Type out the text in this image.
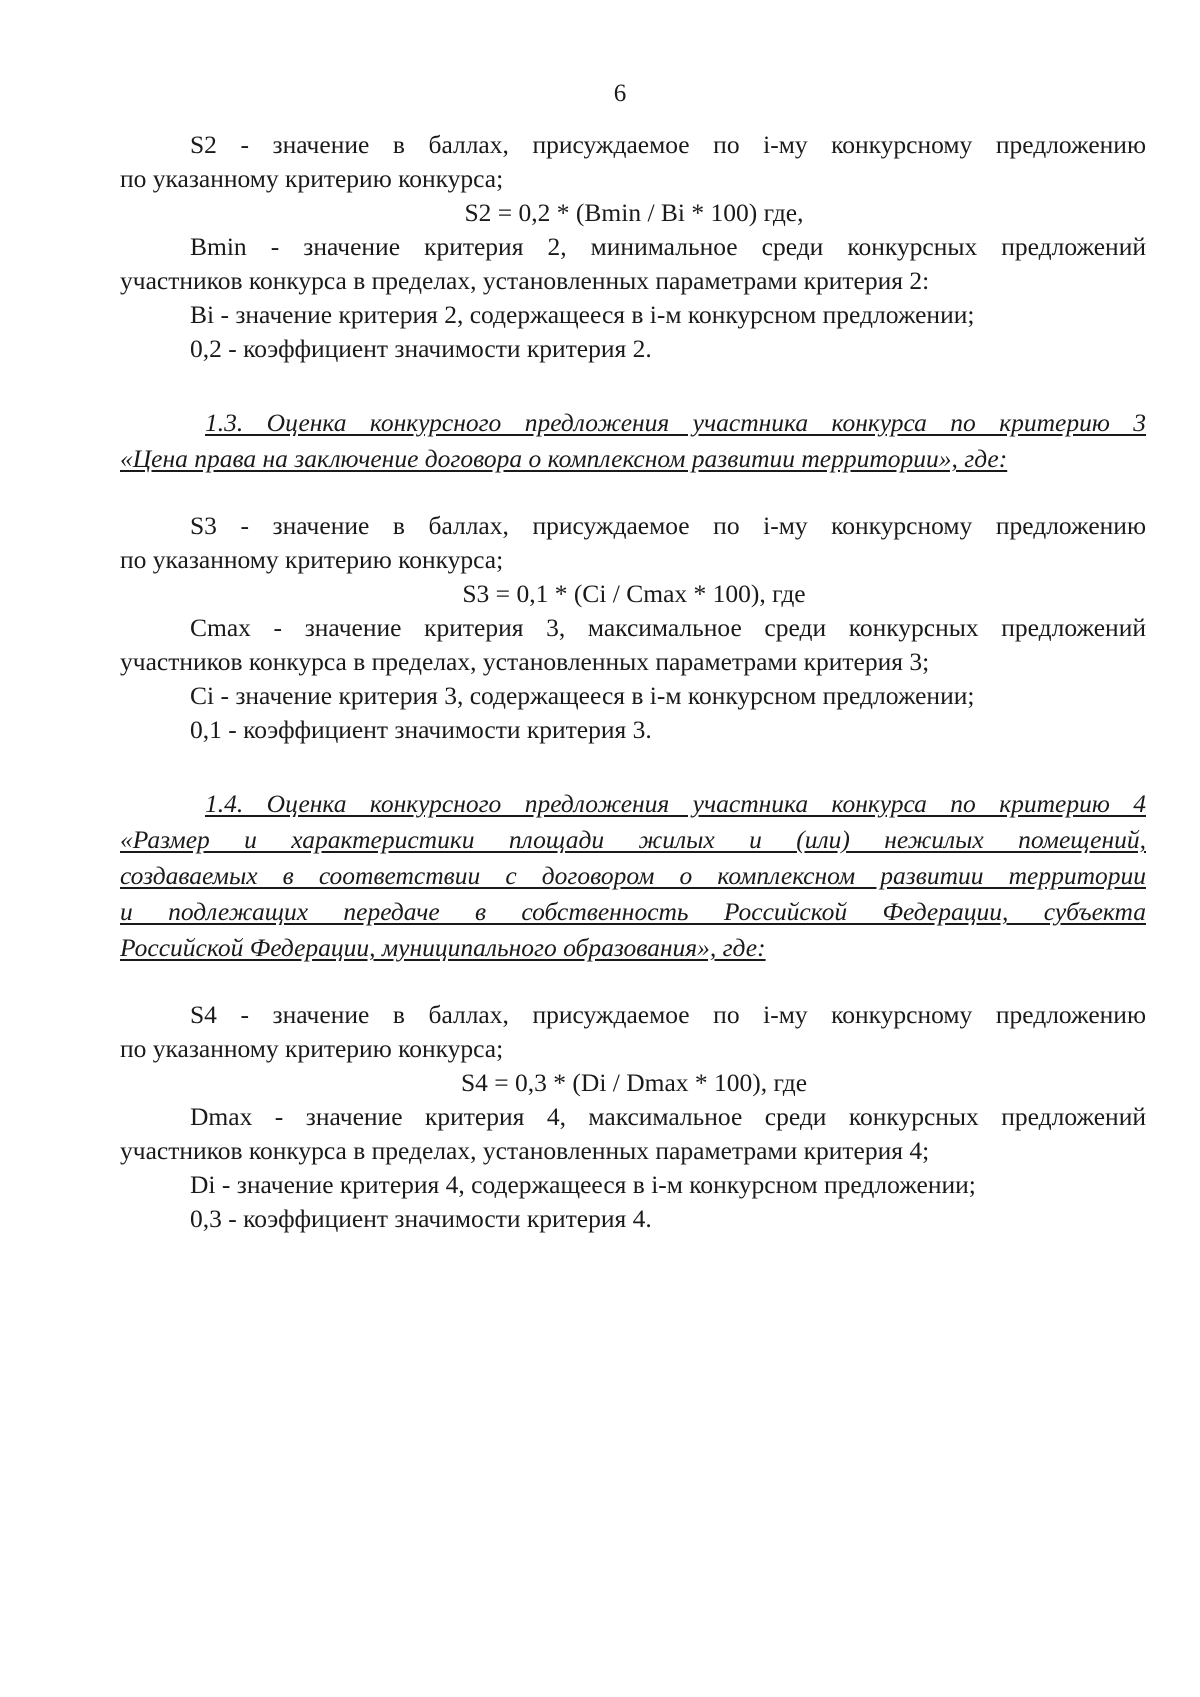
6
S2 - значение в баллах, присуждаемое по i-му конкурсному предложению
по указанному критерию конкурса;
S2 = 0,2 * (Bmin / Bi * 100) где,
Bmin - значение критерия 2, минимальное среди конкурсных предложений
участников конкурса в пределах, установленных параметрами критерия 2:
Bi - значение критерия 2, содержащееся в i-м конкурсном предложении;
0,2 - коэффициент значимости критерия 2.
1.3. Оценка конкурсного предложения участника конкурса по критерию 3
«Цена права на заключение договора о комплексном развитии территории», где:
S3 - значение в баллах, присуждаемое по i-му конкурсному предложению
по указанному критерию конкурса;
S3 = 0,1 * (Ci / Cmax * 100), где
Cmax - значение критерия 3, максимальное среди конкурсных предложений
участников конкурса в пределах, установленных параметрами критерия 3;
Ci - значение критерия 3, содержащееся в i-м конкурсном предложении;
0,1 - коэффициент значимости критерия 3.
1.4. Оценка конкурсного предложения участника конкурса по критерию 4
«Размер и характеристики площади жилых и (или) нежилых помещений,
создаваемых в соответствии с договором о комплексном развитии территории
и подлежащих передаче в собственность Российской Федерации, субъекта
Российской Федерации, муниципального образования», где:
S4 - значение в баллах, присуждаемое по i-му конкурсному предложению
по указанному критерию конкурса;
S4 = 0,3 * (Di / Dmax * 100), где
Dmax - значение критерия 4, максимальное среди конкурсных предложений
участников конкурса в пределах, установленных параметрами критерия 4;
Di - значение критерия 4, содержащееся в i-м конкурсном предложении;
0,3 - коэффициент значимости критерия 4.
